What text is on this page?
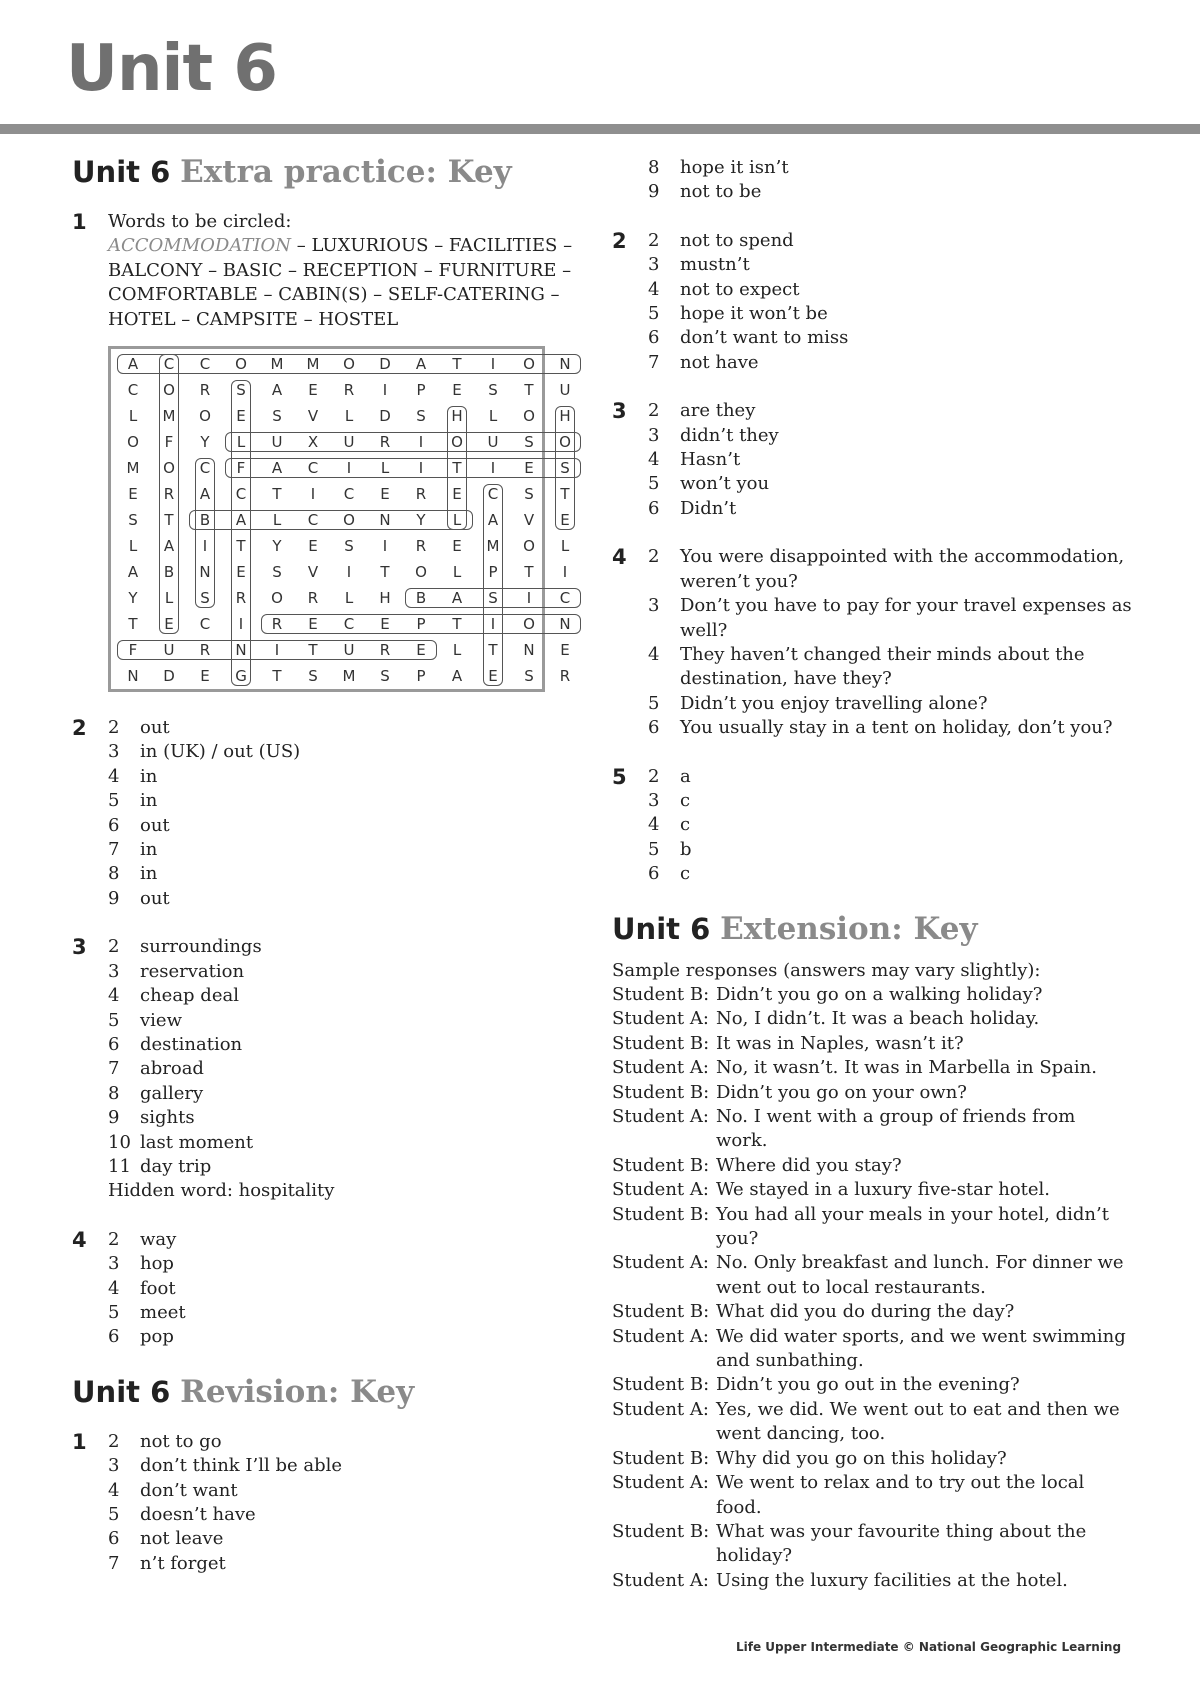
Unit 6
Unit 6 Extra practice: Key
1 Words to be circled:
ACCOMMODATION – LUXURIOUS – FACILITIES – BALCONY – BASIC – RECEPTION – FURNITURE – COMFORTABLE – CABIN(S) – SELF-CATERING – HOTEL – CAMPSITE – HOSTEL
A	C	C	O	M	M	O	D	A	T	I	O	N
C	O	R	S	A	E	R	I	P	E	S	T	U
L	M	O	E	S	V	L	D	S	H	L	O	H
O	F	Y	L	U	X	U	R	I	O	U	S	O
M	O	C	F	A	C	I	L	I	T	I	E	S
E	R	A	C	T	I	C	E	R	E	C	S	T
S	T	B	A	L	C	O	N	Y	L	A	V	E
L	A	I	T	Y	E	S	I	R	E	M	O	L
A	B	N	E	S	V	I	T	O	L	P	T	I
Y	L	S	R	O	R	L	H	B	A	S	I	C
T	E	C	I	R	E	C	E	P	T	I	O	N
F	U	R	N	I	T	U	R	E	L	T	N	E
N	D	E	G	T	S	M	S	P	A	E	S	R
2 2	out
3	in (UK) / out (US)
4	in
5	in
6	out
7	in
8	in
9	out
3 2	surroundings
3	reservation
4	cheap deal
5	view
6	destination
7	abroad
8	gallery
9	sights
10 last moment
11 day trip
Hidden word: hospitality
4 2	way
3	hop
4	foot
5	meet
6	pop
Unit 6 Revision: Key
1 2	not to go
3	don’t think I’ll be able
4	don’t want
5	doesn’t have
6	not leave
7	n’t forget
8	hope it isn’t
9	not to be
2 2	not to spend
3	mustn’t
4	not to expect
5	hope it won’t be
6	don’t want to miss
7	not have
3 2	are they
3	didn’t they
4	Hasn’t
5	won’t you
6	Didn’t
4 2	You were disappointed with the accommodation, weren’t you?
3	Don’t you have to pay for your travel expenses as well?
4	They haven’t changed their minds about the destination, have they?
5	Didn’t you enjoy travelling alone?
6	You usually stay in a tent on holiday, don’t you?
5 2	a
3	c
4	c
5	b
6	c
Unit 6 Extension: Key
Sample responses (answers may vary slightly):
Student B: Didn’t you go on a walking holiday?
Student A: No, I didn’t. It was a beach holiday.
Student B: It was in Naples, wasn’t it?
Student A: No, it wasn’t. It was in Marbella in Spain.
Student B: Didn’t you go on your own?
Student A: No. I went with a group of friends from work.
Student B: Where did you stay?
Student A: We stayed in a luxury five-star hotel.
Student B: You had all your meals in your hotel, didn’t you?
Student A: No. Only breakfast and lunch. For dinner we went out to local restaurants.
Student B: What did you do during the day?
Student A: We did water sports, and we went swimming and sunbathing.
Student B: Didn’t you go out in the evening?
Student A: Yes, we did. We went out to eat and then we went dancing, too.
Student B: Why did you go on this holiday?
Student A: We went to relax and to try out the local food.
Student B: What was your favourite thing about the holiday?
Student A: Using the luxury facilities at the hotel.
Life Upper Intermediate © National Geographic Learning
